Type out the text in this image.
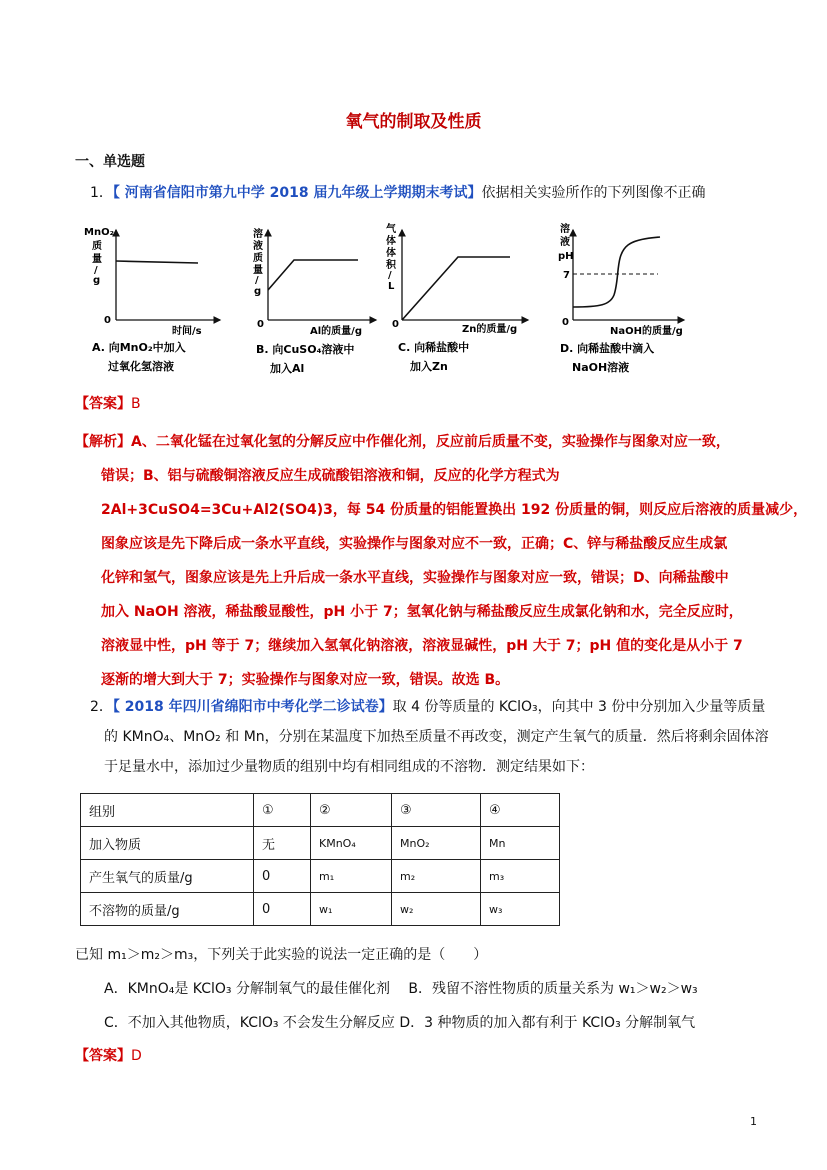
氧气的制取及性质
一、单选题
1．【 河南省信阳市第九中学 2018 届九年级上学期期末考试】依据相关实验所作的下列图像不正确
MnO₂
质
量
/
g
0
时间/s
A. 向MnO₂中加入
过氧化氢溶液
溶
液
质
量
/
g
0
Al的质量/g
B. 向CuSO₄溶液中
加入Al
气
体
体
积
/
L
0	Zn的质量/g
C. 向稀盐酸中
加入Zn
溶
液
pH
7
0
NaOH的质量/g
D. 向稀盐酸中滴入
NaOH溶液
【答案】B

【解析】A、二氧化锰在过氧化氢的分解反应中作催化剂，反应前后质量不变，实验操作与图象对应一致，

错误；B、铝与硫酸铜溶液反应生成硫酸铝溶液和铜，反应的化学方程式为

2Al+3CuSO4=3Cu+Al2(SO4)3，每 54 份质量的铝能置换出 192 份质量的铜，则反应后溶液的质量减少，

图象应该是先下降后成一条水平直线，实验操作与图象对应不一致，正确；C、锌与稀盐酸反应生成氯

化锌和氢气，图象应该是先上升后成一条水平直线，实验操作与图象对应一致，错误；D、向稀盐酸中

加入 NaOH 溶液，稀盐酸显酸性，pH 小于 7；氢氧化钠与稀盐酸反应生成氯化钠和水，完全反应时，

溶液显中性，pH 等于 7；继续加入氢氧化钠溶液，溶液显碱性，pH 大于 7；pH 值的变化是从小于 7

逐渐的增大到大于 7；实验操作与图象对应一致，错误。故选 B。

2．【 2018 年四川省绵阳市中考化学二诊试卷】取 4 份等质量的 KClO₃，向其中 3 份中分别加入少量等质量
的 KMnO₄、MnO₂ 和 Mn，分别在某温度下加热至质量不再改变，测定产生氧气的质量．然后将剩余固体溶
于足量水中，添加过少量物质的组别中均有相同组成的不溶物．测定结果如下：
组别	①	②	③	④
加入物质	无	KMnO₄	MnO₂	Mn
产生氧气的质量/g	0	m₁	m₂	m₃
不溶物的质量/g	0	w₁	w₂	w₃
已知 m₁＞m₂＞m₃，下列关于此实验的说法一定正确的是（　　）
A．KMnO₄是 KClO₃ 分解制氧气的最佳催化剂　 B．残留不溶性物质的质量关系为 w₁＞w₂＞w₃
C．不加入其他物质，KClO₃ 不会发生分解反应 D．3 种物质的加入都有利于 KClO₃ 分解制氧气
【答案】D
1
